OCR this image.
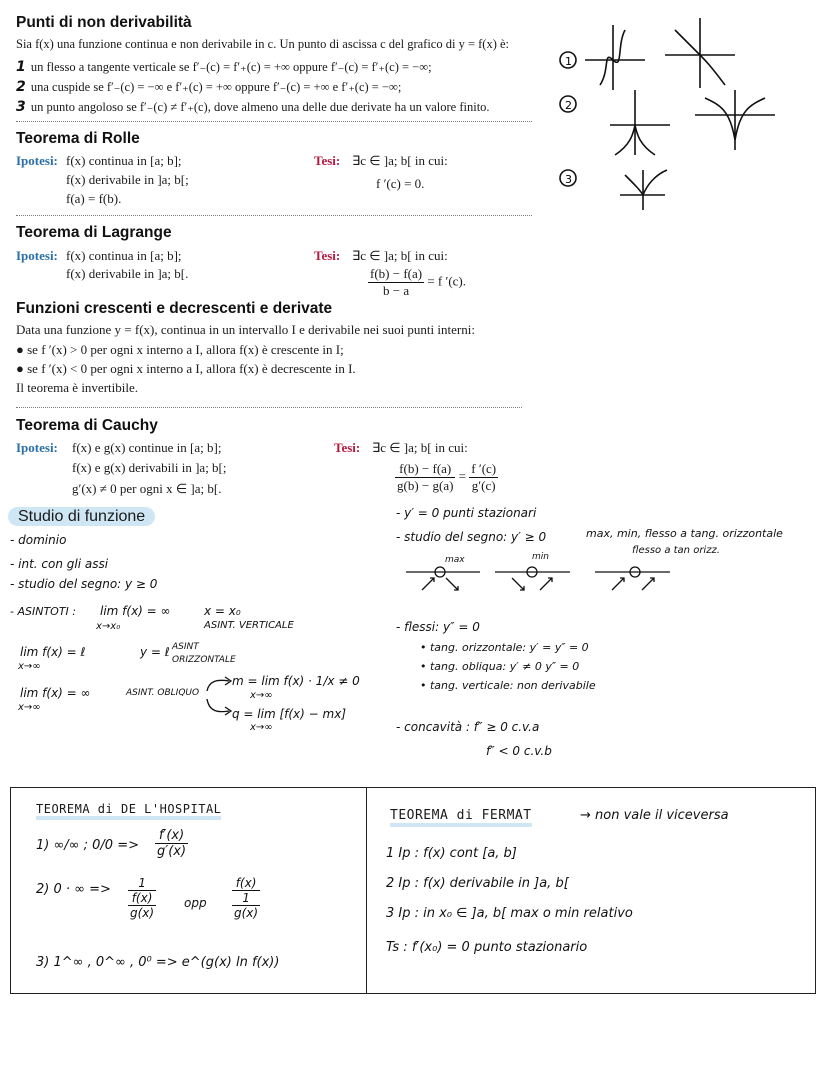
Punti di non derivabilità
Sia f(x) una funzione continua e non derivabile in c. Un punto di ascissa c del grafico di y = f(x) è:
1 un flesso a tangente verticale se f′₋(c) = f′₊(c) = +∞ oppure f′₋(c) = f′₊(c) = −∞;
2 una cuspide se f′₋(c) = −∞ e f′₊(c) = +∞ oppure f′₋(c) = +∞ e f′₊(c) = −∞;
3 un punto angoloso se f′₋(c) ≠ f′₊(c), dove almeno una delle due derivate ha un valore finito.
1
2
3
Teorema di Rolle
Ipotesi: f(x) continua in [a; b];
f(x) derivabile in ]a; b[;
f(a) = f(b).
Tesi: ∃c ∈ ]a; b[ in cui:
f ′(c) = 0.
Teorema di Lagrange
Ipotesi: f(x) continua in [a; b];
f(x) derivabile in ]a; b[.
Tesi: ∃c ∈ ]a; b[ in cui:
$\frac{f(b) - f(a)}{b - a} = f$ ′(c).
Funzioni crescenti e decrescenti e derivate
Data una funzione y = f(x), continua in un intervallo I e derivabile nei suoi punti interni:
● se f ′(x) > 0 per ogni x interno a I, allora f(x) è crescente in I;
● se f ′(x) < 0 per ogni x interno a I, allora f(x) è decrescente in I.
Il teorema è invertibile.
Teorema di Cauchy
Ipotesi: f(x) e g(x) continue in [a; b];
f(x) e g(x) derivabili in ]a; b[;
g′(x) ≠ 0 per ogni x ∈ ]a; b[.
Tesi: ∃c ∈ ]a; b[ in cui:
$\frac{f(b) - f(a)}{g(b) - g(a)} = \frac{f '(c)}{g'(c)}$
Studio di funzione
- dominio
- int. con gli assi
- studio del segno: y ≥ 0
- ASINTOTI : lim f(x) = ∞
x→x₀
x = x₀
ASINT. VERTICALE
lim f(x) = ℓ
x→∞
y = ℓ ASINT
ORIZZONTALE
lim f(x) = ∞
x→∞
ASINT. OBLIQUO
m = lim f(x) · 1/x ≠ 0
x→∞
q = lim [f(x) − mx]
x→∞
- y′ = 0 punti stazionari
- studio del segno: y′ ≥ 0	max, min, flesso a tang. orizzontale
flesso a tan orizz.
max	min
- flessi: y″ = 0
• tang. orizzontale: y′ = y″ = 0
• tang. obliqua: y′ ≠ 0 y″ = 0
• tang. verticale: non derivabile
- concavità : f″ ≥ 0 c.v.a
f″ < 0 c.v.b
TEOREMA di DE L'HOSPITAL
1) ∞/∞ ; $0/0 => \frac{f'(x)}{g'(x)}$
2) 0 · ∞ =>	1
f(x)
g(x)
opp
f(x)
1
g(x)
3) 1^∞ , 0^∞ , 0⁰ => e^(g(x) ln f(x))
TEOREMA di FERMAT	→ non vale il viceversa
1 Ip : f(x) cont [a, b]
2 Ip : f(x) derivabile in ]a, b[
3 Ip : in x₀ ∈ ]a, b[ max o min relativo
Ts : f′(x₀) = 0 punto stazionario
